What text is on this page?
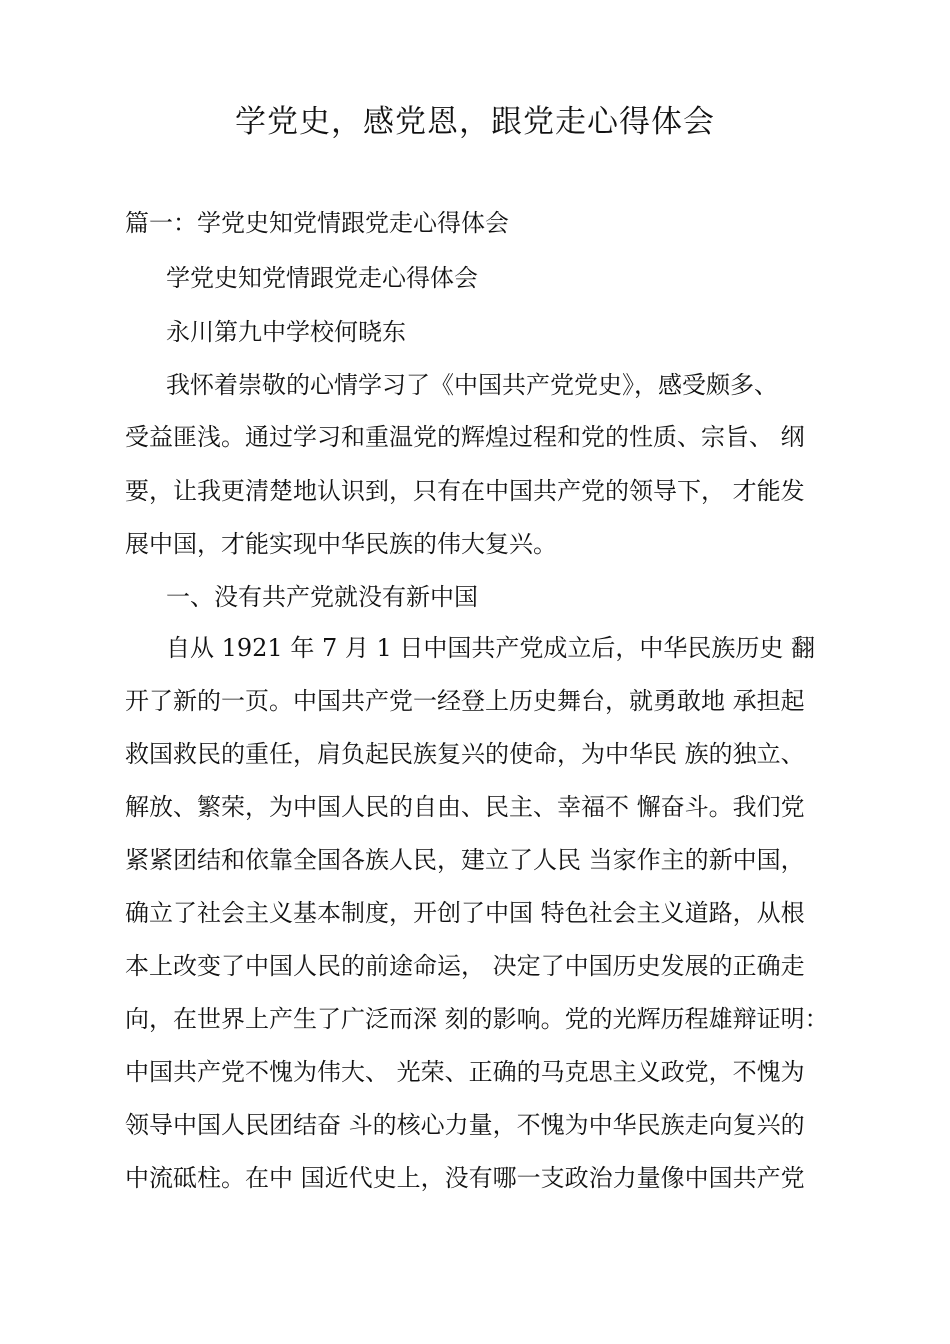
学党史，感党恩，跟党走心得体会

篇一：学党史知党情跟党走心得体会

学党史知党情跟党走心得体会

永川第九中学校何晓东

我怀着崇敬的心情学习了《中国共产党党史》，感受颇多、

受益匪浅。通过学习和重温党的辉煌过程和党的性质、宗旨、 纲

要，让我更清楚地认识到，只有在中国共产党的领导下， 才能发

展中国，才能实现中华民族的伟大复兴。

一、没有共产党就没有新中国

自从 1921 年 7 月 1 日中国共产党成立后，中华民族历史 翻

开了新的一页。中国共产党一经登上历史舞台，就勇敢地 承担起

救国救民的重任，肩负起民族复兴的使命，为中华民 族的独立、

解放、繁荣，为中国人民的自由、民主、幸福不 懈奋斗。我们党

紧紧团结和依靠全国各族人民，建立了人民 当家作主的新中国，

确立了社会主义基本制度，开创了中国 特色社会主义道路，从根

本上改变了中国人民的前途命运， 决定了中国历史发展的正确走

向，在世界上产生了广泛而深 刻的影响。党的光辉历程雄辩证明：

中国共产党不愧为伟大、 光荣、正确的马克思主义政党，不愧为

领导中国人民团结奋 斗的核心力量，不愧为中华民族走向复兴的

中流砥柱。在中 国近代史上，没有哪一支政治力量像中国共产党
